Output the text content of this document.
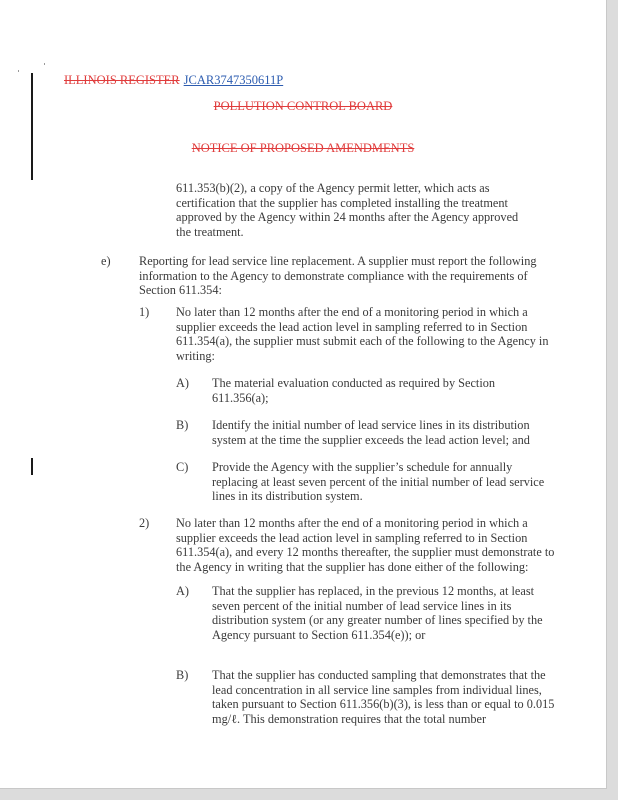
ILLINOIS REGISTER JCAR3747350611P
POLLUTION CONTROL BOARD
NOTICE OF PROPOSED AMENDMENTS

611.353(b)(2), a copy of the Agency permit letter, which acts as certification that the supplier has completed installing the treatment approved by the Agency within 24 months after the Agency approved the treatment.

e) Reporting for lead service line replacement. A supplier must report the following information to the Agency to demonstrate compliance with the requirements of Section 611.354:

1) No later than 12 months after the end of a monitoring period in which a supplier exceeds the lead action level in sampling referred to in Section 611.354(a), the supplier must submit each of the following to the Agency in writing:

A) The material evaluation conducted as required by Section 611.356(a);

B) Identify the initial number of lead service lines in its distribution system at the time the supplier exceeds the lead action level; and

C) Provide the Agency with the supplier’s schedule for annually replacing at least seven percent of the initial number of lead service lines in its distribution system.

2) No later than 12 months after the end of a monitoring period in which a supplier exceeds the lead action level in sampling referred to in Section 611.354(a), and every 12 months thereafter, the supplier must demonstrate to the Agency in writing that the supplier has done either of the following:

A) That the supplier has replaced, in the previous 12 months, at least seven percent of the initial number of lead service lines in its distribution system (or any greater number of lines specified by the Agency pursuant to Section 611.354(e)); or

B) That the supplier has conducted sampling that demonstrates that the lead concentration in all service line samples from individual lines, taken pursuant to Section 611.356(b)(3), is less than or equal to 0.015 mg/ℓ. This demonstration requires that the total number
